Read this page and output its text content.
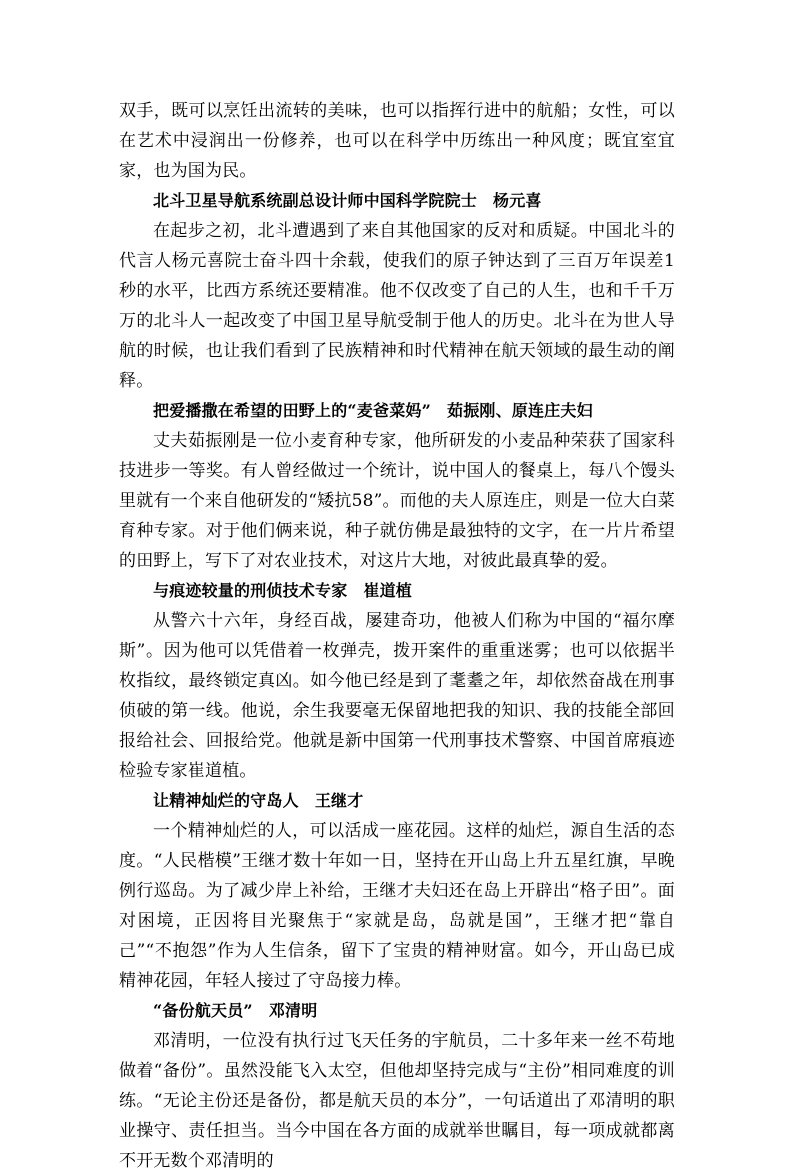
双手，既可以烹饪出流转的美味，也可以指挥行进中的航船；女性，可以在艺术中浸润出一份修养，也可以在科学中历练出一种风度；既宜室宜家，也为国为民。

北斗卫星导航系统副总设计师中国科学院院士 杨元喜

在起步之初，北斗遭遇到了来自其他国家的反对和质疑。中国北斗的代言人杨元喜院士奋斗四十余载，使我们的原子钟达到了三百万年误差1秒的水平，比西方系统还要精准。他不仅改变了自己的人生，也和千千万万的北斗人一起改变了中国卫星导航受制于他人的历史。北斗在为世人导航的时候，也让我们看到了民族精神和时代精神在航天领域的最生动的阐释。

把爱播撒在希望的田野上的“麦爸菜妈” 茹振刚、原连庄夫妇

丈夫茹振刚是一位小麦育种专家，他所研发的小麦品种荣获了国家科技进步一等奖。有人曾经做过一个统计，说中国人的餐桌上，每八个馒头里就有一个来自他研发的“矮抗58”。而他的夫人原连庄，则是一位大白菜育种专家。对于他们俩来说，种子就仿佛是最独特的文字，在一片片希望的田野上，写下了对农业技术，对这片大地，对彼此最真挚的爱。

与痕迹较量的刑侦技术专家 崔道植

从警六十六年，身经百战，屡建奇功，他被人们称为中国的“福尔摩斯”。因为他可以凭借着一枚弹壳，拨开案件的重重迷雾；也可以依据半枚指纹，最终锁定真凶。如今他已经是到了耄耋之年，却依然奋战在刑事侦破的第一线。他说，余生我要毫无保留地把我的知识、我的技能全部回报给社会、回报给党。他就是新中国第一代刑事技术警察、中国首席痕迹检验专家崔道植。

让精神灿烂的守岛人 王继才

一个精神灿烂的人，可以活成一座花园。这样的灿烂，源自生活的态度。“人民楷模”王继才数十年如一日，坚持在开山岛上升五星红旗，早晚例行巡岛。为了减少岸上补给，王继才夫妇还在岛上开辟出“格子田”。面对困境，正因将目光聚焦于“家就是岛，岛就是国”，王继才把“靠自己”“不抱怨”作为人生信条，留下了宝贵的精神财富。如今，开山岛已成精神花园，年轻人接过了守岛接力棒。

“备份航天员” 邓清明

邓清明，一位没有执行过飞天任务的宇航员，二十多年来一丝不苟地做着“备份”。虽然没能飞入太空，但他却坚持完成与“主份”相同难度的训练。“无论主份还是备份，都是航天员的本分”，一句话道出了邓清明的职业操守、责任担当。当今中国在各方面的成就举世瞩目，每一项成就都离不开无数个邓清明的
